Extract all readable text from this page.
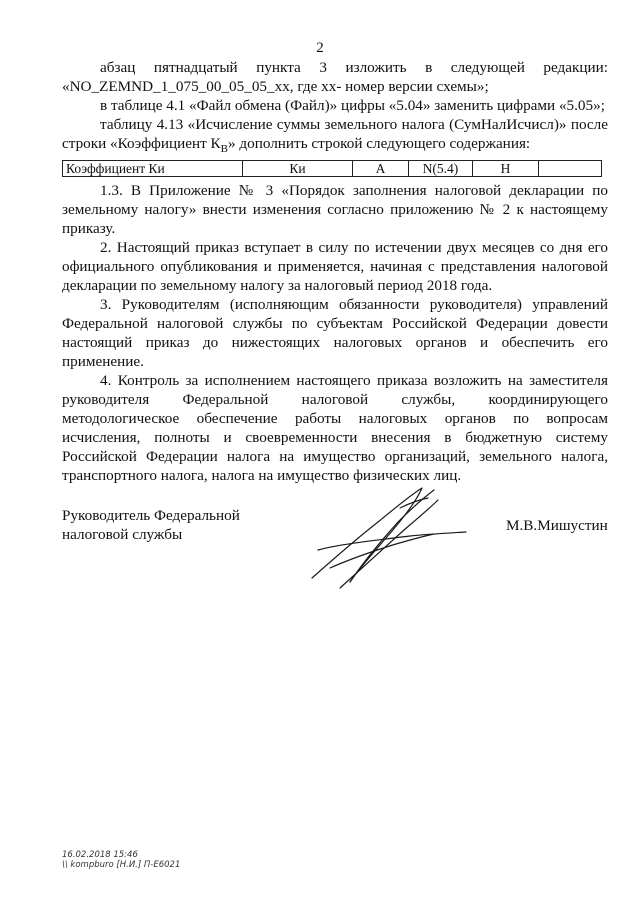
2

абзац пятнадцатый пункта 3 изложить в следующей редакции:

«NO_ZEMND_1_075_00_05_05_xx, где xx- номер версии схемы»;

в таблице 4.1 «Файл обмена (Файл)» цифры «5.04» заменить цифрами «5.05»;

таблицу 4.13 «Исчисление суммы земельного налога (СумНалИсчисл)» после

строки «Коэффициент $К_В$» дополнить строкой следующего содержания:

Коэффициент Ки	Ки	А	N(5.4)	Н	

1.3. В Приложение № 3 «Порядок заполнения налоговой декларации по земельному налогу» внести изменения согласно приложению № 2 к настоящему приказу.

2. Настоящий приказ вступает в силу по истечении двух месяцев со дня его официального опубликования и применяется, начиная с представления налоговой декларации по земельному налогу за налоговый период 2018 года.

3. Руководителям (исполняющим обязанности руководителя) управлений Федеральной налоговой службы по субъектам Российской Федерации довести настоящий приказ до нижестоящих налоговых органов и обеспечить его применение.

4. Контроль за исполнением настоящего приказа возложить на заместителя руководителя Федеральной налоговой службы, координирующего методологическое обеспечение работы налоговых органов по вопросам исчисления, полноты и своевременности внесения в бюджетную систему Российской Федерации налога на имущество организаций, земельного налога, транспортного налога, налога на имущество физических лиц.

Руководитель Федеральной
налоговой службы
М.В.Мишустин
16.02.2018 15:46
\\ kompburo [Н.И.] П-Е6021
